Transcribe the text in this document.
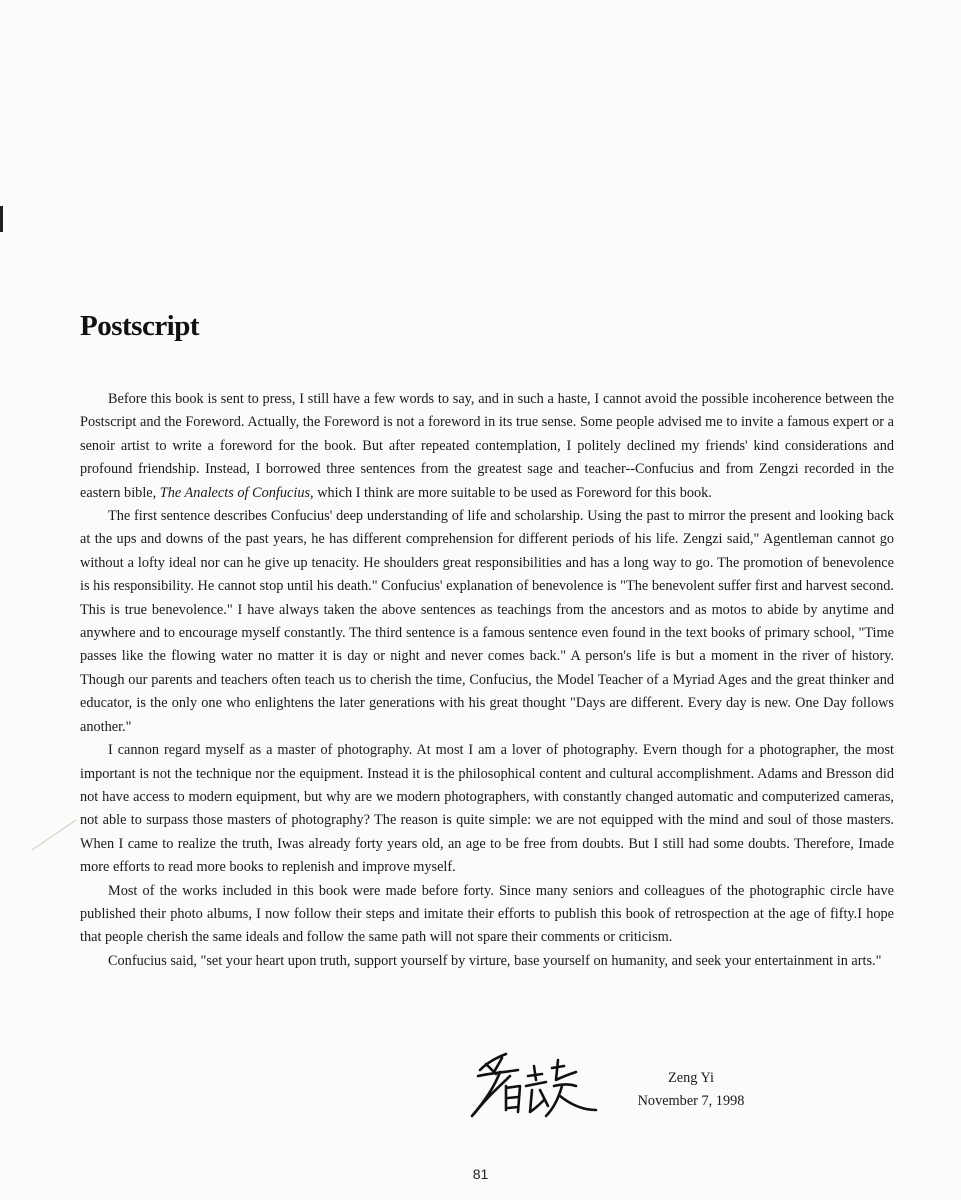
Postscript

Before this book is sent to press, I still have a few words to say, and in such a haste, I cannot avoid the possible incoherence between the Postscript and the Foreword. Actually, the Foreword is not a foreword in its true sense. Some people advised me to invite a famous expert or a senoir artist to write a foreword for the book. But after repeated contemplation, I politely declined my friends' kind considerations and profound friendship. Instead, I borrowed three sentences from the greatest sage and teacher--Confucius and from Zengzi recorded in the eastern bible, The Analects of Confucius, which I think are more suitable to be used as Foreword for this book.

The first sentence describes Confucius' deep understanding of life and scholarship. Using the past to mirror the present and looking back at the ups and downs of the past years, he has different comprehension for different periods of his life. Zengzi said," Agentleman cannot go without a lofty ideal nor can he give up tenacity. He shoulders great responsibilities and has a long way to go. The promotion of benevolence is his responsibility. He cannot stop until his death." Confucius' explanation of benevolence is "The benevolent suffer first and harvest second. This is true benevolence." I have always taken the above sentences as teachings from the ancestors and as motos to abide by anytime and anywhere and to encourage myself constantly. The third sentence is a famous sentence even found in the text books of primary school, "Time passes like the flowing water no matter it is day or night and never comes back." A person's life is but a moment in the river of history. Though our parents and teachers often teach us to cherish the time, Confucius, the Model Teacher of a Myriad Ages and the great thinker and educator, is the only one who enlightens the later generations with his great thought "Days are different. Every day is new. One Day follows another."

I cannon regard myself as a master of photography. At most I am a lover of photography. Evern though for a photographer, the most important is not the technique nor the equipment. Instead it is the philosophical content and cultural accomplishment. Adams and Bresson did not have access to modern equipment, but why are we modern photographers, with constantly changed automatic and computerized cameras, not able to surpass those masters of photography? The reason is quite simple: we are not equipped with the mind and soul of those masters. When I came to realize the truth, Iwas already forty years old, an age to be free from doubts. But I still had some doubts. Therefore, Imade more efforts to read more books to replenish and improve myself.

Most of the works included in this book were made before forty. Since many seniors and colleagues of the photographic circle have published their photo albums, I now follow their steps and imitate their efforts to publish this book of retrospection at the age of fifty.I hope that people cherish the same ideals and follow the same path will not spare their comments or criticism.

Confucius said, "set your heart upon truth, support yourself by virture, base yourself on humanity, and seek your entertainment in arts."

Zeng Yi
November 7, 1998
81
